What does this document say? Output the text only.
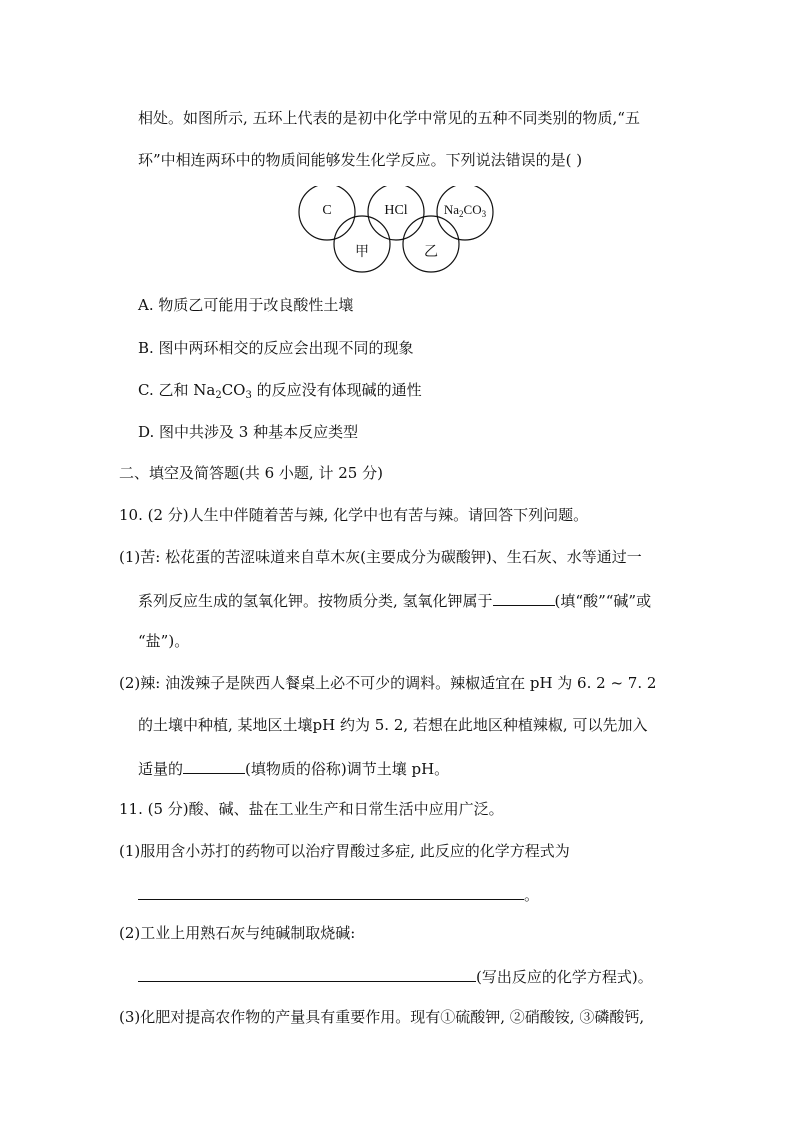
相处。如图所示, 五环上代表的是初中化学中常见的五种不同类别的物质,“五
环”中相连两环中的物质间能够发生化学反应。下列说法错误的是( )
C	HCl	$Na_2CO_3$
甲	乙
A. 物质乙可能用于改良酸性土壤
B. 图中两环相交的反应会出现不同的现象
C. 乙和 $Na_2CO_3$ 的反应没有体现碱的通性
D. 图中共涉及 3 种基本反应类型
二、填空及简答题(共 6 小题, 计 25 分)
10. (2 分)人生中伴随着苦与辣, 化学中也有苦与辣。请回答下列问题。
(1)苦: 松花蛋的苦涩味道来自草木灰(主要成分为碳酸钾)、生石灰、水等通过一
系列反应生成的氢氧化钾。按物质分类, 氢氧化钾属于	(填“酸”“碱”或
“盐”)。
(2)辣: 油泼辣子是陕西人餐桌上必不可少的调料。辣椒适宜在 pH 为 6. 2 ~ 7. 2
的土壤中种植, 某地区土壤pH 约为 5. 2, 若想在此地区种植辣椒, 可以先加入
适量的	(填物质的俗称)调节土壤 pH。
11. (5 分)酸、碱、盐在工业生产和日常生活中应用广泛。
(1)服用含小苏打的药物可以治疗胃酸过多症, 此反应的化学方程式为
。
(2)工业上用熟石灰与纯碱制取烧碱:
(写出反应的化学方程式)。
(3)化肥对提高农作物的产量具有重要作用。现有①硫酸钾, ②硝酸铵, ③磷酸钙,
